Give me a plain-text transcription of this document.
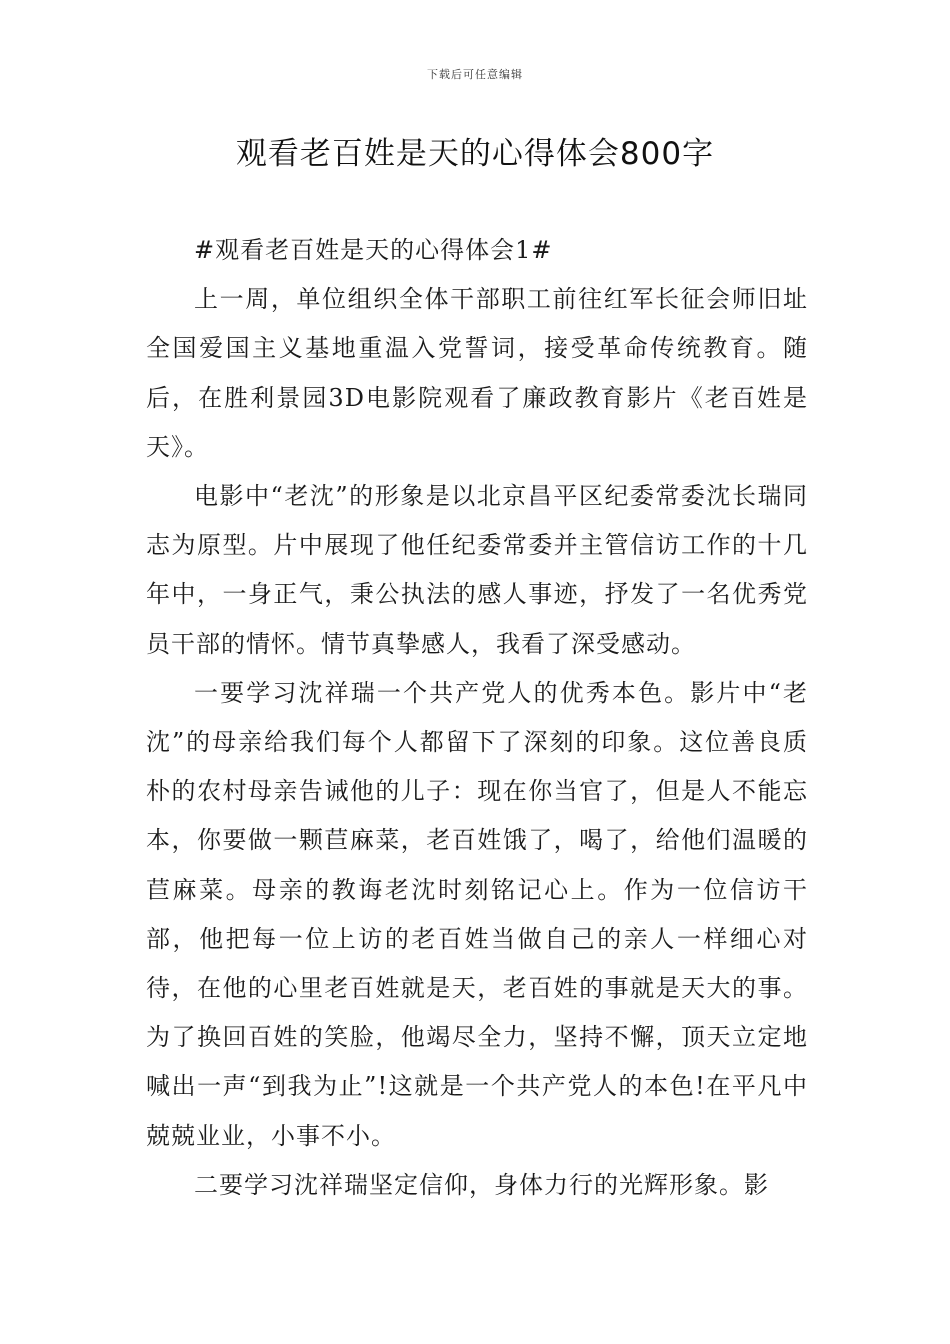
下载后可任意编辑
观看老百姓是天的心得体会800字

#观看老百姓是天的心得体会1#

上一周，单位组织全体干部职工前往红军长征会师旧址全国爱国主义基地重温入党誓词，接受革命传统教育。随后，在胜利景园3D电影院观看了廉政教育影片《老百姓是天》。

电影中“老沈”的形象是以北京昌平区纪委常委沈长瑞同志为原型。片中展现了他任纪委常委并主管信访工作的十几年中，一身正气，秉公执法的感人事迹，抒发了一名优秀党员干部的情怀。情节真挚感人，我看了深受感动。

一要学习沈祥瑞一个共产党人的优秀本色。影片中“老沈”的母亲给我们每个人都留下了深刻的印象。这位善良质朴的农村母亲告诫他的儿子：现在你当官了，但是人不能忘本，你要做一颗苣麻菜，老百姓饿了，喝了，给他们温暖的苣麻菜。母亲的教诲老沈时刻铭记心上。作为一位信访干部，他把每一位上访的老百姓当做自己的亲人一样细心对待，在他的心里老百姓就是天，老百姓的事就是天大的事。为了换回百姓的笑脸，他竭尽全力，坚持不懈，顶天立定地喊出一声“到我为止”!这就是一个共产党人的本色!在平凡中兢兢业业，小事不小。

二要学习沈祥瑞坚定信仰，身体力行的光辉形象。影
